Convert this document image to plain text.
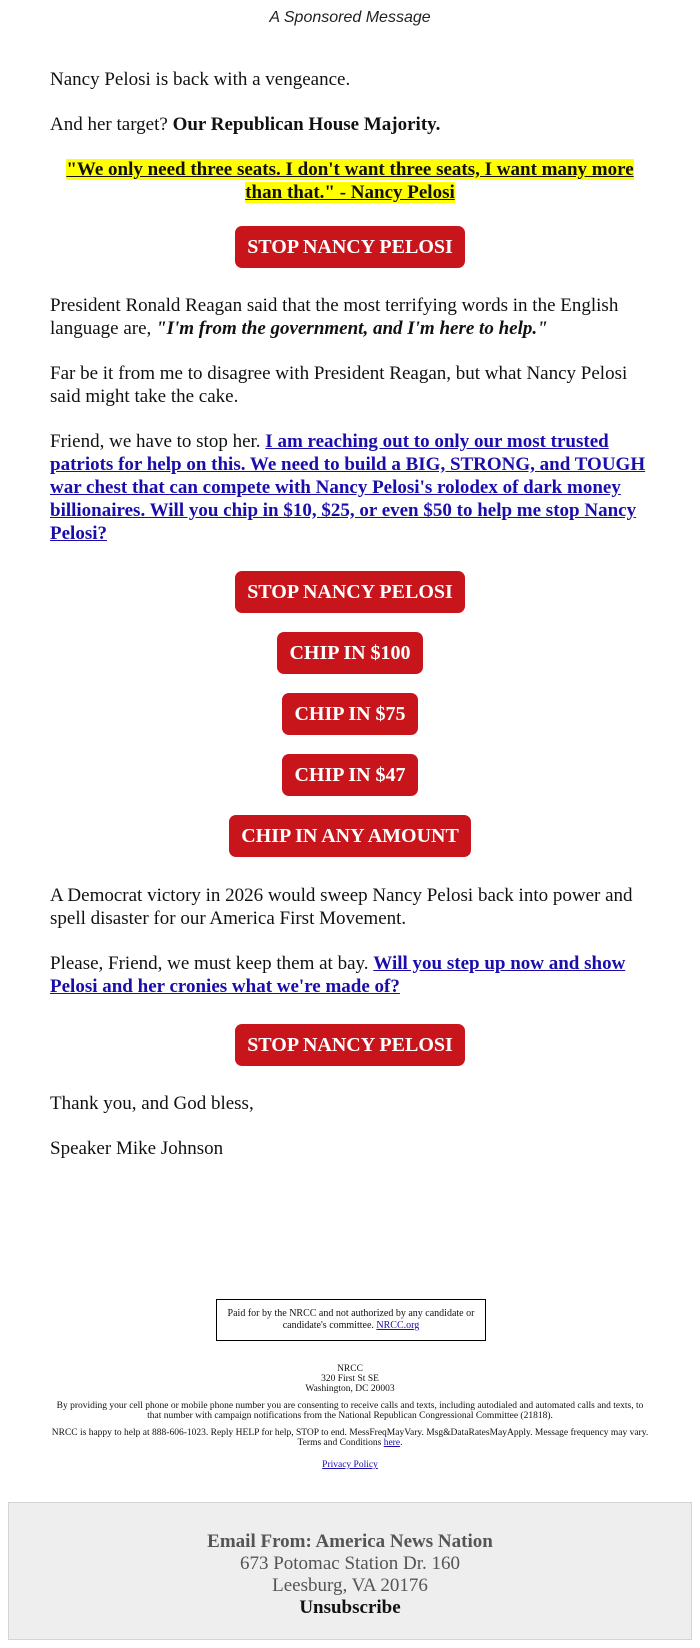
A Sponsored Message

Nancy Pelosi is back with a vengeance.

And her target? Our Republican House Majority.

"We only need three seats. I don't want three seats, I want many more than that." - Nancy Pelosi

STOP NANCY PELOSI

President Ronald Reagan said that the most terrifying words in the English language are, "I'm from the government, and I'm here to help."

Far be it from me to disagree with President Reagan, but what Nancy Pelosi said might take the cake.

Friend, we have to stop her. I am reaching out to only our most trusted patriots for help on this. We need to build a BIG, STRONG, and TOUGH war chest that can compete with Nancy Pelosi's rolodex of dark money billionaires. Will you chip in $10, $25, or even $50 to help me stop Nancy Pelosi?

STOP NANCY PELOSI
CHIP IN $100
CHIP IN $75
CHIP IN $47
CHIP IN ANY AMOUNT

A Democrat victory in 2026 would sweep Nancy Pelosi back into power and spell disaster for our America First Movement.

Please, Friend, we must keep them at bay. Will you step up now and show Pelosi and her cronies what we're made of?

STOP NANCY PELOSI

Thank you, and God bless,

Speaker Mike Johnson

Paid for by the NRCC and not authorized by any candidate or candidate's committee. NRCC.org

NRCC
320 First St SE
Washington, DC 20003

By providing your cell phone or mobile phone number you are consenting to receive calls and texts, including autodialed and automated calls and texts, to that number with campaign notifications from the National Republican Congressional Committee (21818).

NRCC is happy to help at 888-606-1023. Reply HELP for help, STOP to end. MessFreqMayVary. Msg&DataRatesMayApply. Message frequency may vary. Terms and Conditions here.

Privacy Policy

Email From: America News Nation
673 Potomac Station Dr. 160
Leesburg, VA 20176
Unsubscribe
